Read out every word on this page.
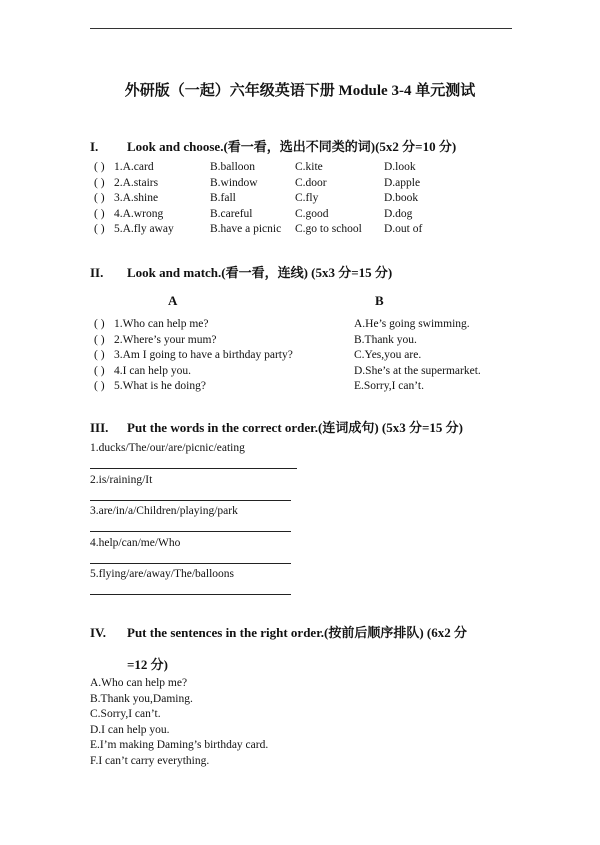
外研版（一起）六年级英语下册 Module 3-4 单元测试
I. Look and choose.(看一看，选出不同类的词)(5x2 分=10 分)
( ) 1.A.card	B.balloon	C.kite	D.look
( ) 2.A.stairs	B.window	C.door	D.apple
( ) 3.A.shine	B.fall	C.fly	D.book
( ) 4.A.wrong	B.careful	C.good	D.dog
( ) 5.A.fly away	B.have a picnic C.go to school D.out of
II. Look and match.(看一看，连线) (5x3 分=15 分)
A	B
( ) 1.Who can help me?	A.He’s going swimming.
( ) 2.Where’s your mum?	B.Thank you.
( ) 3.Am I going to have a birthday party?	C.Yes,you are.
( ) 4.I can help you.	D.She’s at the supermarket.
( ) 5.What is he doing?	E.Sorry,I can’t.
III. Put the words in the correct order.(连词成句) (5x3 分=15 分)
1.ducks/The/our/are/picnic/eating
2.is/raining/It
3.are/in/a/Children/playing/park
4.help/can/me/Who
5.flying/are/away/The/balloons
IV. Put the sentences in the right order.(按前后顺序排队) (6x2 分
=12 分)
A.Who can help me?
B.Thank you,Daming.
C.Sorry,I can’t.
D.I can help you.
E.I’m making Daming’s birthday card.
F.I can’t carry everything.
